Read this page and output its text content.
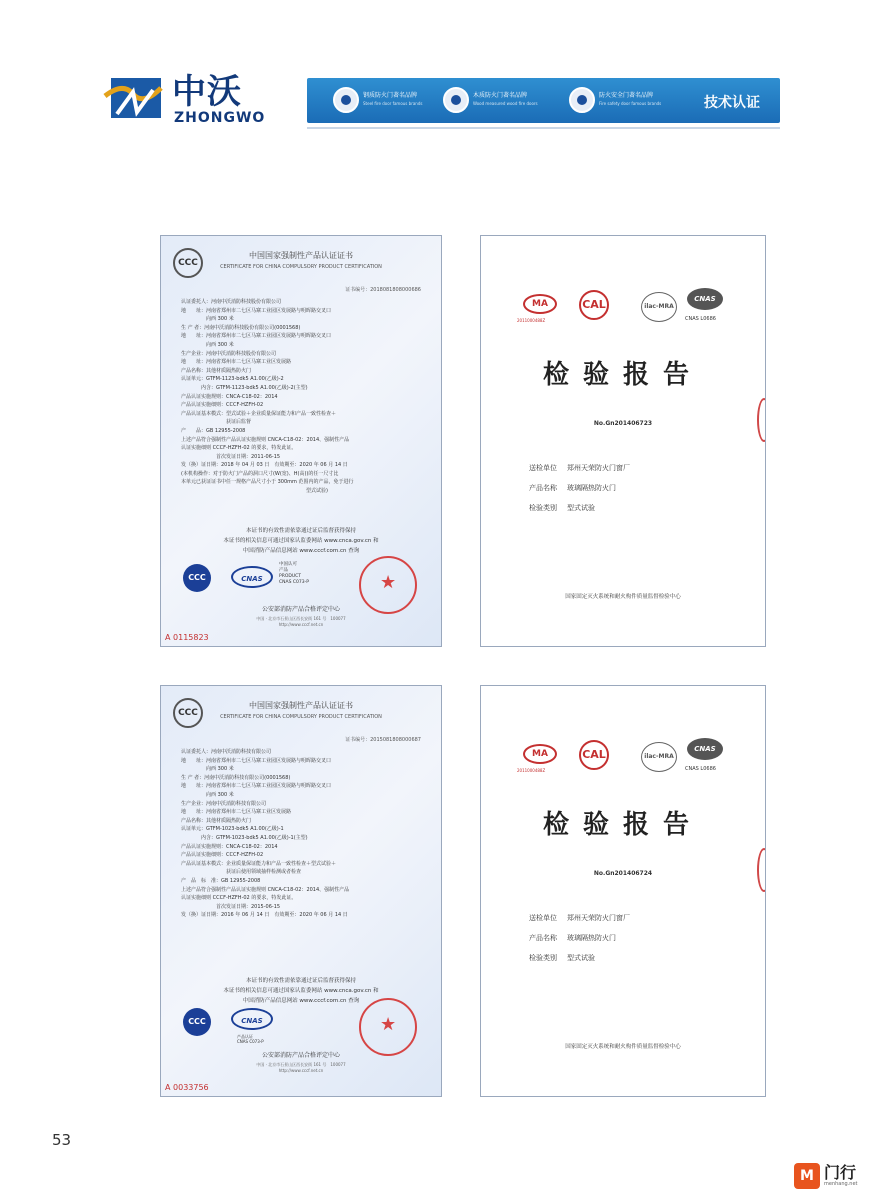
中沃
ZHONGWO
钢质防火门著名品牌
Steel fire door famous brands
木质防火门著名品牌
Wood measured wood fire doors
防火安全门著名品牌
Fire safety door famous brands	技术认证
CCC
中国国家强制性产品认证证书
CERTIFICATE FOR CHINA COMPULSORY PRODUCT CERTIFICATION
证书编号：2018081808000686
认证委托人：河南中沃消防科技股份有限公司
地　　址：河南省郑州市二七区马寨工业园区发展路与明晖路交叉口
　　　　　向西 300 米
生 产 者：河南中沃消防科技股份有限公司(0001568)
地　　址：河南省郑州市二七区马寨工业园区发展路与明晖路交叉口
　　　　　向西 300 米
生产企业：河南中沃消防科技股份有限公司
地　　址：河南省郑州市二七区马寨工业区发展路
产品名称：其他材质隔热防火门
认证单元：GTFM-1123-bdk5 A1.00(乙级)-2
　　　　内含：GTFM-1123-bdk5 A1.00(乙级)-2(主型)
产品认证实施规则：CNCA-C18-02：2014
产品认证实施细则：CCCF-HZFH-02
产品认证基本模式：型式试验＋企业质量保证能力和产品一致性检查＋
　　　　　　　　　获证后监督
产　　品：GB 12955-2008
上述产品符合强制性产品认证实施规则 CNCA-C18-02：2014、强制性产品
认证实施细则 CCCF-HZFH-02 的要求，特发此证。
　　　　　　　首次发证日期：2011-06-15
发（换）证日期：2018 年 04 月 03 日　有效期至：2020 年 06 月 14 日
(本机构操作：对于防火门产品的洞口尺寸(W(宽)、H(高))的任一尺寸比
本单元已获证证书中任一规格产品尺寸小于 300mm 范围内的产品，免于进行
　　　　　　　　　　　　　　　　　　　　　　　　　型式试验)
本证书的有效性需依靠通过证后监督获得保持
本证书的相关信息可通过国家认监委网站 www.cnca.gov.cn 和
中国消防产品信息网站 www.cccf.com.cn 查询
CCC	CNAS
中国认可
产品
PRODUCT
CNAS C073-P
★
公安部消防产品合格评定中心
中国 · 北京市石景山区西长安街 161 号　100077
http://www.cccf.net.cn
A 0115823
MA
2011000488Z
CAL	ilac-MRA
CNAS
CNAS L0686
检验报告
No.Gn201406723
送检单位 郑州天荣防火门窗厂
产品名称 玻璃隔热防火门
检验类别 型式试验
国家固定灭火系统和耐火构件质量监督检验中心
CCC
中国国家强制性产品认证证书
CERTIFICATE FOR CHINA COMPULSORY PRODUCT CERTIFICATION
证书编号：2015081808000687
认证委托人：河南中沃消防科技有限公司
地　　址：河南省郑州市二七区马寨工业园区发展路与明晖路交叉口
　　　　　向西 300 米
生 产 者：河南中沃消防科技有限公司(0001568)
地　　址：河南省郑州市二七区马寨工业园区发展路与明晖路交叉口
　　　　　向西 300 米
生产企业：河南中沃消防科技有限公司
地　　址：河南省郑州市二七区马寨工业区发展路
产品名称：其他材质隔热防火门
认证单元：GTFM-1023-bdk5 A1.00(乙级)-1
　　　　内含：GTFM-1023-bdk5 A1.00(乙级)-1(主型)
产品认证实施规则：CNCA-C18-02：2014
产品认证实施细则：CCCF-HZFH-02
产品认证基本模式：企业质量保证能力和产品一致性检查＋型式试验＋
　　　　　　　　　获证后使用领域抽样检测或者检查
产　品　标　准：GB 12955-2008
上述产品符合强制性产品认证实施规则 CNCA-C18-02：2014、强制性产品
认证实施细则 CCCF-HZFH-02 的要求，特发此证。
　　　　　　　首次发证日期：2015-06-15
发（换）证日期：2016 年 06 月 14 日　有效期至：2020 年 06 月 14 日
本证书的有效性需依靠通过证后监督获得保持
本证书的相关信息可通过国家认监委网站 www.cnca.gov.cn 和
中国消防产品信息网站 www.cccf.com.cn 查询
CCC	CNAS
产品认证
CNAS C073-P
★
公安部消防产品合格评定中心
中国 · 北京市石景山区西长安街 161 号　100077
http://www.cccf.net.cn
A 0033756
MA
2011000488Z
CAL	ilac-MRA
CNAS
CNAS L0686
检验报告
No.Gn201406724
送检单位 郑州天荣防火门窗厂
产品名称 玻璃隔热防火门
检验类别 型式试验
国家固定灭火系统和耐火构件质量监督检验中心
53
M 门行
menhang.net
